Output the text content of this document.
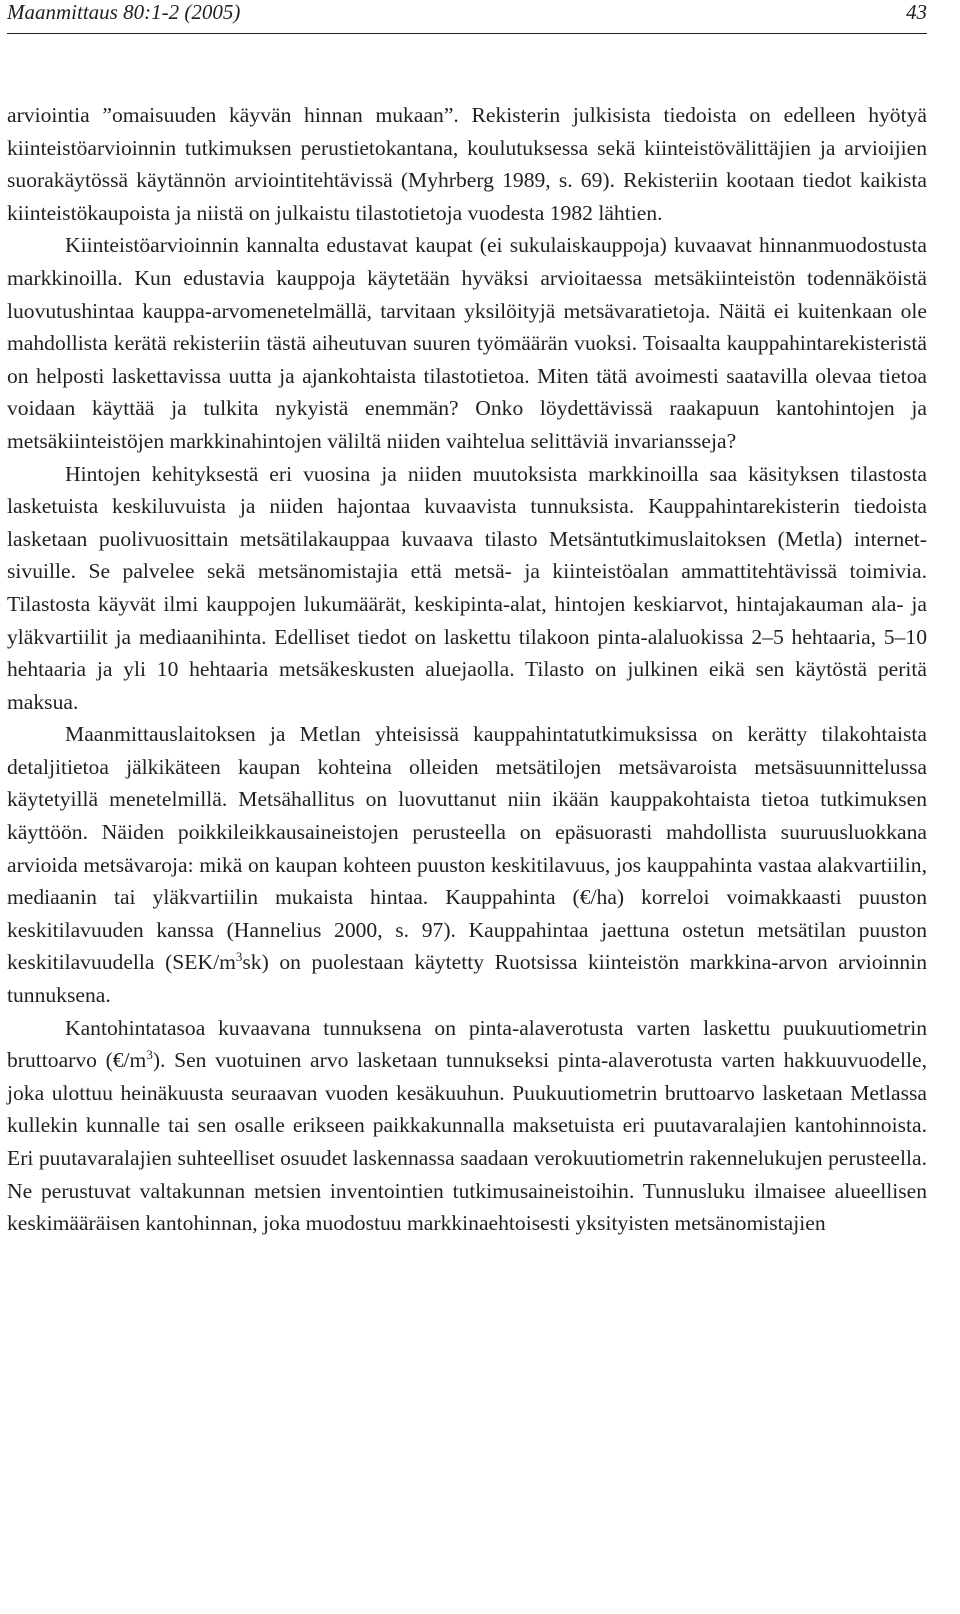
Maanmittaus 80:1-2 (2005)	43

arviointia ”omaisuuden käyvän hinnan mukaan”. Rekisterin julkisista tiedoista on edelleen hyötyä kiinteistöarvioinnin tutkimuksen perustietokantana, koulutuksessa sekä kiinteistövälittäjien ja arvioijien suorakäytössä käytännön arviointitehtävissä (Myhrberg 1989, s. 69). Rekisteriin kootaan tiedot kaikista kiinteistökaupoista ja niistä on julkaistu tilastotietoja vuodesta 1982 lähtien.

Kiinteistöarvioinnin kannalta edustavat kaupat (ei sukulaiskauppoja) kuvaavat hinnanmuodostusta markkinoilla. Kun edustavia kauppoja käytetään hyväksi arvioitaessa metsäkiinteistön todennäköistä luovutushintaa kauppa-arvomenetelmällä, tarvitaan yksilöityjä metsävaratietoja. Näitä ei kuitenkaan ole mahdollista kerätä rekisteriin tästä aiheutuvan suuren työmäärän vuoksi. Toisaalta kauppahintarekisteristä on helposti laskettavissa uutta ja ajankohtaista tilastotietoa. Miten tätä avoimesti saatavilla olevaa tietoa voidaan käyttää ja tulkita nykyistä enemmän? Onko löydettävissä raakapuun kantohintojen ja metsäkiinteistöjen markkinahintojen väliltä niiden vaihtelua selittäviä invariansseja?

Hintojen kehityksestä eri vuosina ja niiden muutoksista markkinoilla saa käsityksen tilastosta lasketuista keskiluvuista ja niiden hajontaa kuvaavista tunnuksista. Kauppahintarekisterin tiedoista lasketaan puolivuosittain metsätilakauppaa kuvaava tilasto Metsäntutkimuslaitoksen (Metla) internet-sivuille. Se palvelee sekä metsänomistajia että metsä- ja kiinteistöalan ammattitehtävissä toimivia. Tilastosta käyvät ilmi kauppojen lukumäärät, keskipinta-alat, hintojen keskiarvot, hintajakauman ala- ja yläkvartiilit ja mediaanihinta. Edelliset tiedot on laskettu tilakoon pinta-alaluokissa 2–5 hehtaaria, 5–10 hehtaaria ja yli 10 hehtaaria metsäkeskusten aluejaolla. Tilasto on julkinen eikä sen käytöstä peritä maksua.

Maanmittauslaitoksen ja Metlan yhteisissä kauppahintatutkimuksissa on kerätty tilakohtaista detaljitietoa jälkikäteen kaupan kohteina olleiden metsätilojen metsävaroista metsäsuunnittelussa käytetyillä menetelmillä. Metsähallitus on luovuttanut niin ikään kauppakohtaista tietoa tutkimuksen käyttöön. Näiden poikkileikkausaineistojen perusteella on epäsuorasti mahdollista suuruusluokkana arvioida metsävaroja: mikä on kaupan kohteen puuston keskitilavuus, jos kauppahinta vastaa alakvartiilin, mediaanin tai yläkvartiilin mukaista hintaa. Kauppahinta (€/ha) korreloi voimakkaasti puuston keskitilavuuden kanssa (Hannelius 2000, s. 97). Kauppahintaa jaettuna ostetun metsätilan puuston keskitilavuudella $(SEK/m^3sk)$ on puolestaan käytetty Ruotsissa kiinteistön markkina-arvon arvioinnin tunnuksena.

Kantohintatasoa kuvaavana tunnuksena on pinta-alaverotusta varten laskettu puukuutiometrin bruttoarvo $(€/m^3)$. Sen vuotuinen arvo lasketaan tunnukseksi pinta-alaverotusta varten hakkuuvuodelle, joka ulottuu heinäkuusta seuraavan vuoden kesäkuuhun. Puukuutiometrin bruttoarvo lasketaan Metlassa kullekin kunnalle tai sen osalle erikseen paikkakunnalla maksetuista eri puutavaralajien kantohinnoista. Eri puutavaralajien suhteelliset osuudet laskennassa saadaan verokuutiometrin rakennelukujen perusteella. Ne perustuvat valtakunnan metsien inventointien tutkimusaineistoihin. Tunnusluku ilmaisee alueellisen keskimääräisen kantohinnan, joka muodostuu markkinaehtoisesti yksityisten metsänomistajien
